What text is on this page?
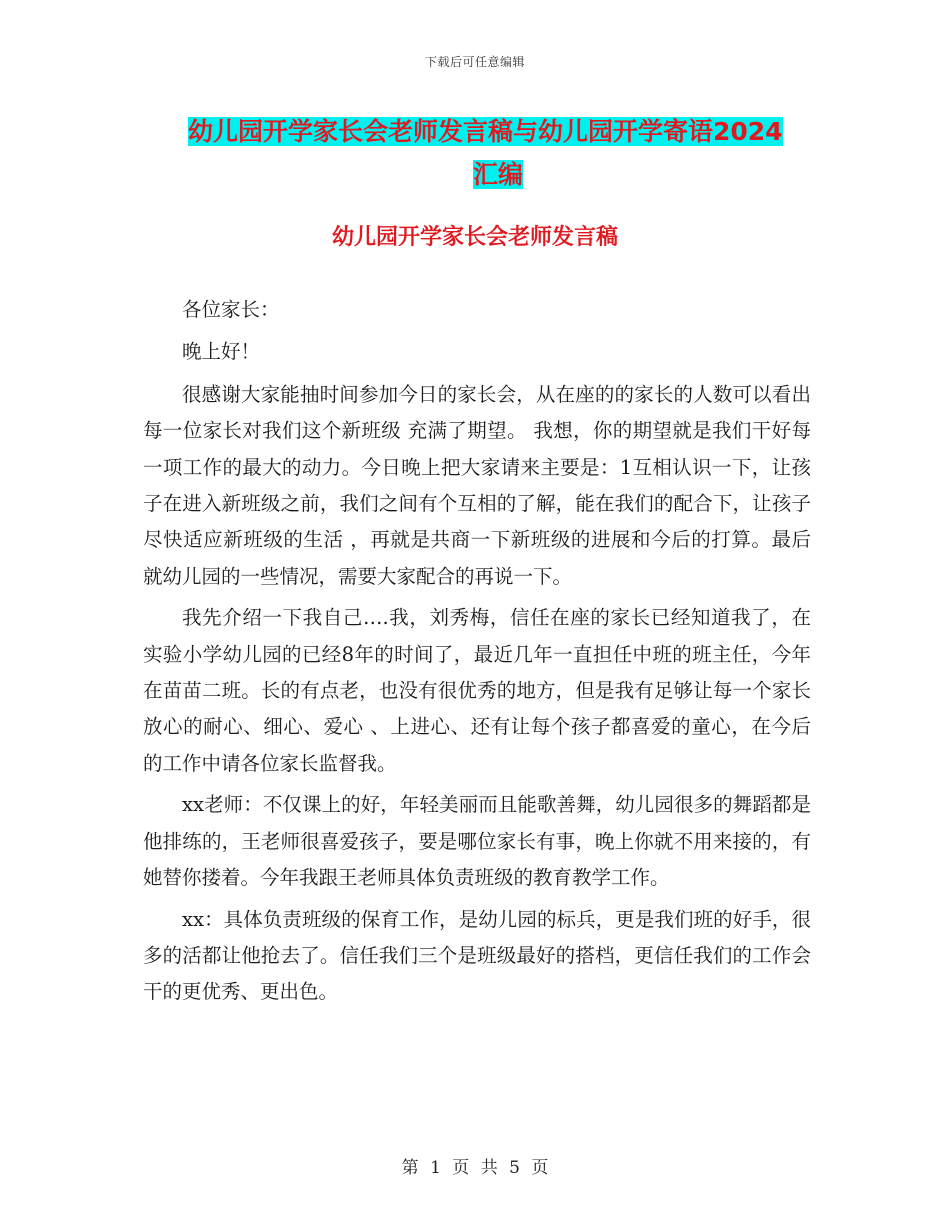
下载后可任意编辑
幼儿园开学家长会老师发言稿与幼儿园开学寄语2024
汇编
幼儿园开学家长会老师发言稿

各位家长：

晚上好！

很感谢大家能抽时间参加今日的家长会，从在座的的家长的人数可以看出每一位家长对我们这个新班级 充满了期望。 我想，你的期望就是我们干好每一项工作的最大的动力。今日晚上把大家请来主要是：1互相认识一下，让孩子在进入新班级之前，我们之间有个互相的了解，能在我们的配合下，让孩子尽快适应新班级的生活 ，再就是共商一下新班级的进展和今后的打算。最后就幼儿园的一些情况，需要大家配合的再说一下。

我先介绍一下我自己….我，刘秀梅，信任在座的家长已经知道我了，在实验小学幼儿园的已经8年的时间了，最近几年一直担任中班的班主任，今年在苗苗二班。长的有点老，也没有很优秀的地方，但是我有足够让每一个家长放心的耐心、细心、爱心 、上进心、还有让每个孩子都喜爱的童心，在今后的工作中请各位家长监督我。

xx老师：不仅课上的好，年轻美丽而且能歌善舞，幼儿园很多的舞蹈都是他排练的，王老师很喜爱孩子，要是哪位家长有事，晚上你就不用来接的，有她替你搂着。今年我跟王老师具体负责班级的教育教学工作。

xx：具体负责班级的保育工作，是幼儿园的标兵，更是我们班的好手，很多的活都让他抢去了。信任我们三个是班级最好的搭档，更信任我们的工作会干的更优秀、更出色。

第 1 页 共 5 页
